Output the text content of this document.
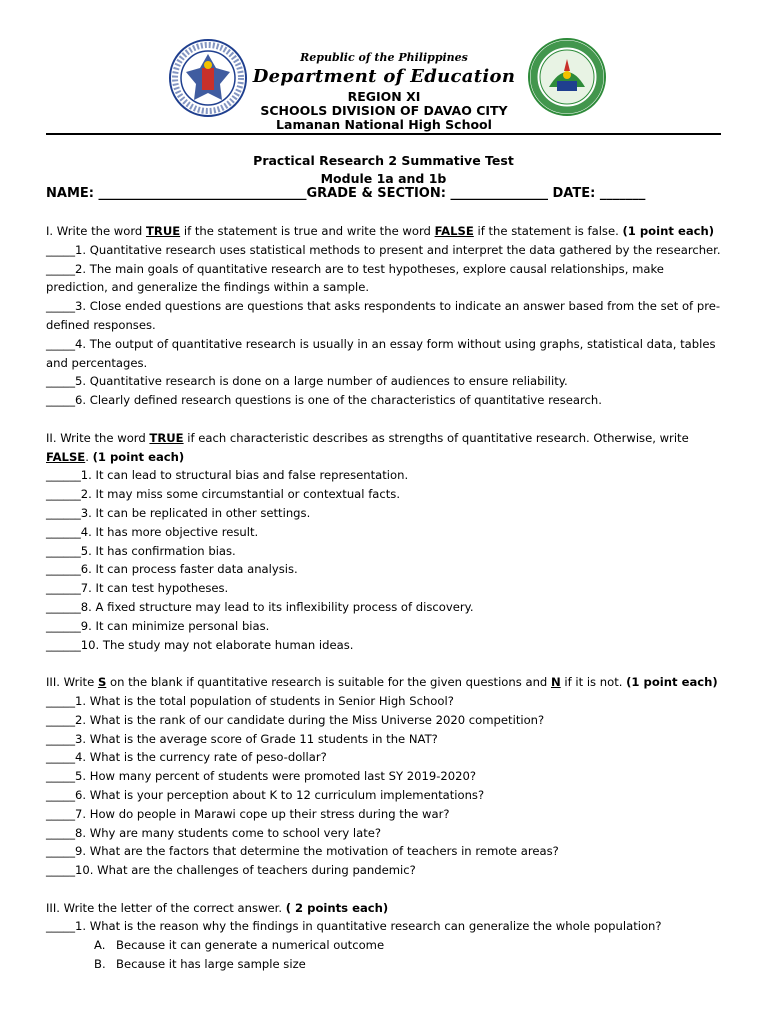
Republic of the Philippines
Department of Education
REGION XI
SCHOOLS DIVISION OF DAVAO CITY
Lamanan National High School
Practical Research 2 Summative Test
Module 1a and 1b
NAME: ________________________________GRADE & SECTION: _______________ DATE: _______
I. Write the word TRUE if the statement is true and write the word FALSE if the statement is false. (1 point each)
_____1. Quantitative research uses statistical methods to present and interpret the data gathered by the researcher.
_____2. The main goals of quantitative research are to test hypotheses, explore causal relationships, make
prediction, and generalize the findings within a sample.
_____3. Close ended questions are questions that asks respondents to indicate an answer based from the set of pre-
defined responses.
_____4. The output of quantitative research is usually in an essay form without using graphs, statistical data, tables
and percentages.
_____5. Quantitative research is done on a large number of audiences to ensure reliability.
_____6. Clearly defined research questions is one of the characteristics of quantitative research.
II. Write the word TRUE if each characteristic describes as strengths of quantitative research. Otherwise, write
FALSE. (1 point each)
______1. It can lead to structural bias and false representation.
______2. It may miss some circumstantial or contextual facts.
______3. It can be replicated in other settings.
______4. It has more objective result.
______5. It has confirmation bias.
______6. It can process faster data analysis.
______7. It can test hypotheses.
______8. A fixed structure may lead to its inflexibility process of discovery.
______9. It can minimize personal bias.
______10. The study may not elaborate human ideas.
III. Write S on the blank if quantitative research is suitable for the given questions and N if it is not. (1 point each)
_____1. What is the total population of students in Senior High School?
_____2. What is the rank of our candidate during the Miss Universe 2020 competition?
_____3. What is the average score of Grade 11 students in the NAT?
_____4. What is the currency rate of peso-dollar?
_____5. How many percent of students were promoted last SY 2019-2020?
_____6. What is your perception about K to 12 curriculum implementations?
_____7. How do people in Marawi cope up their stress during the war?
_____8. Why are many students come to school very late?
_____9. What are the factors that determine the motivation of teachers in remote areas?
_____10. What are the challenges of teachers during pandemic?
III. Write the letter of the correct answer. ( 2 points each)
_____1. What is the reason why the findings in quantitative research can generalize the whole population?
A. Because it can generate a numerical outcome
B. Because it has large sample size
